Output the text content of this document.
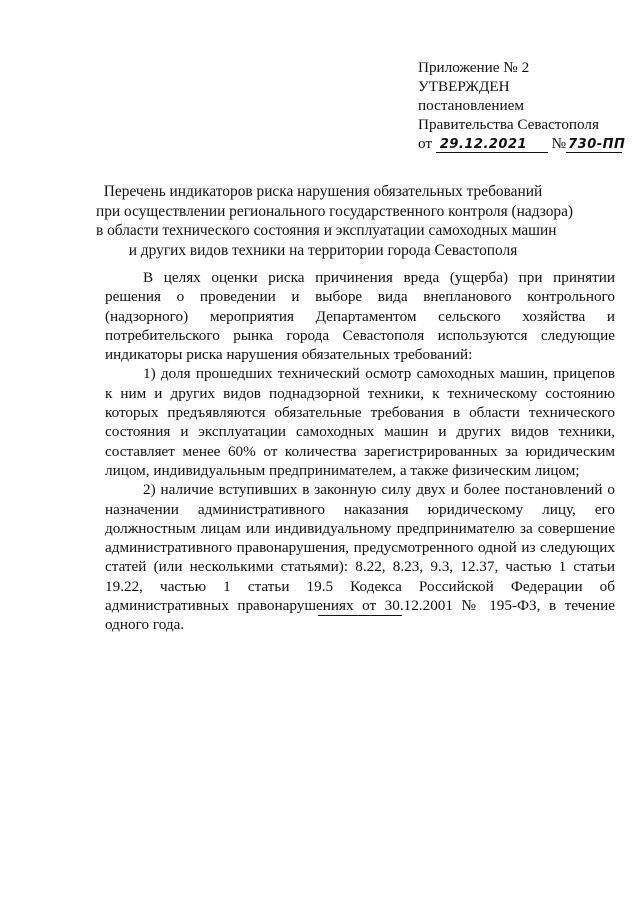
Приложение № 2
УТВЕРЖДЕН
постановлением
Правительства Севастополя
от 29.12.2021 № 730-ПП
Перечень индикаторов риска нарушения обязательных требований
при осуществлении регионального государственного контроля (надзора)
в области технического состояния и эксплуатации самоходных машин
и других видов техники на территории города Севастополя

В целях оценки риска причинения вреда (ущерба) при принятии решения о проведении и выборе вида внепланового контрольного (надзорного) мероприятия Департаментом сельского хозяйства и потребительского рынка города Севастополя используются следующие индикаторы риска нарушения обязательных требований:

1) доля прошедших технический осмотр самоходных машин, прицепов к ним и других видов поднадзорной техники, к техническому состоянию которых предъявляются обязательные требования в области технического состояния и эксплуатации самоходных машин и других видов техники, составляет менее 60% от количества зарегистрированных за юридическим лицом, индивидуальным предпринимателем, а также физическим лицом;

2) наличие вступивших в законную силу двух и более постановлений о назначении административного наказания юридическому лицу, его должностным лицам или индивидуальному предпринимателю за совершение административного правонарушения, предусмотренного одной из следующих статей (или несколькими статьями): 8.22, 8.23, 9.3, 12.37, частью 1 статьи 19.22, частью 1 статьи 19.5 Кодекса Российской Федерации об административных правонарушениях от 30.12.2001 № 195-ФЗ, в течение одного года.
